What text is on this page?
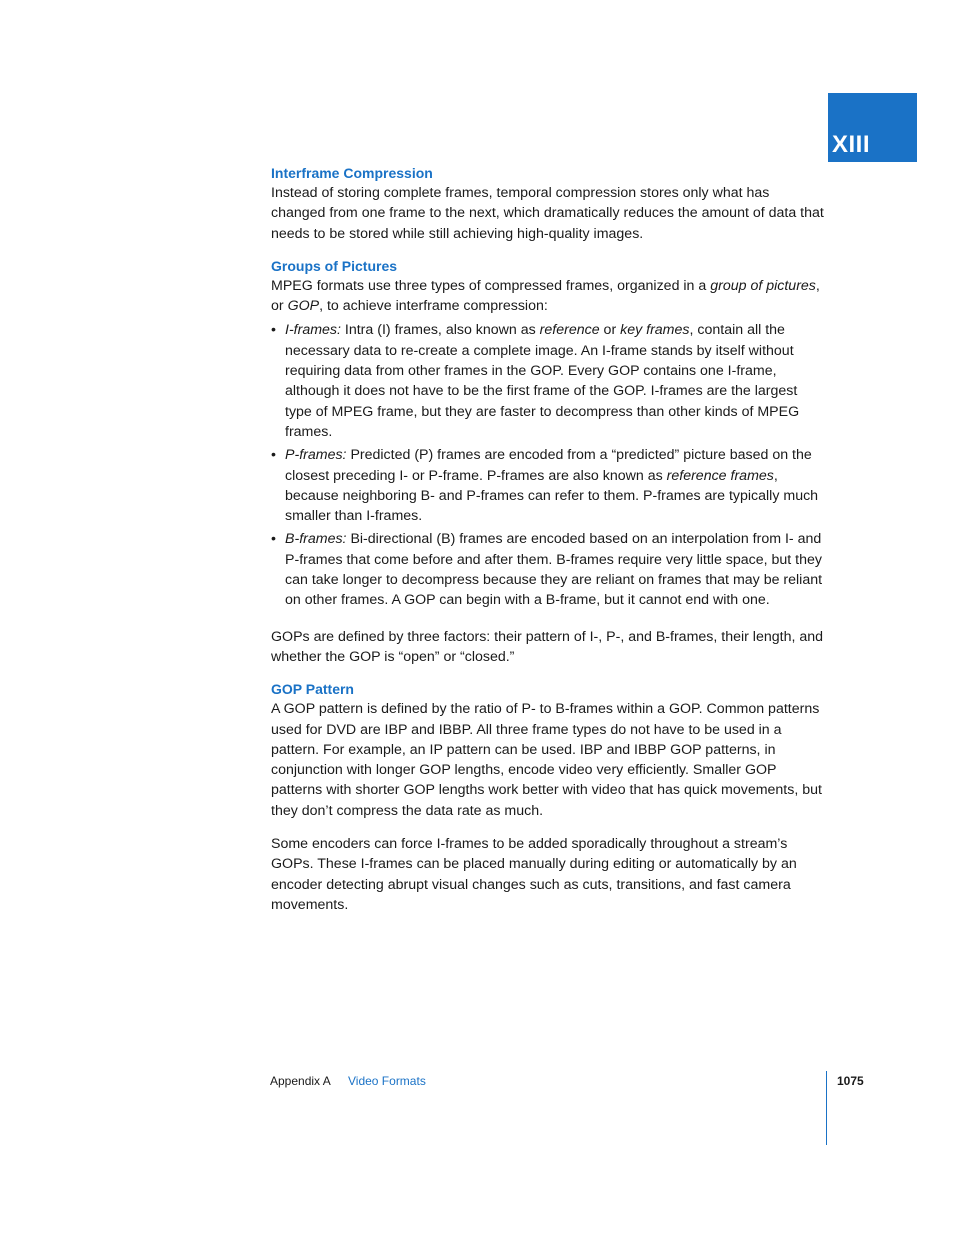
XIII
Interframe Compression

Instead of storing complete frames, temporal compression stores only what has changed from one frame to the next, which dramatically reduces the amount of data that needs to be stored while still achieving high-quality images.

Groups of Pictures

MPEG formats use three types of compressed frames, organized in a group of pictures, or GOP, to achieve interframe compression:

• I-frames: Intra (I) frames, also known as reference or key frames, contain all the necessary data to re-create a complete image. An I-frame stands by itself without requiring data from other frames in the GOP. Every GOP contains one I-frame, although it does not have to be the first frame of the GOP. I-frames are the largest type of MPEG frame, but they are faster to decompress than other kinds of MPEG frames.
• P-frames: Predicted (P) frames are encoded from a “predicted” picture based on the closest preceding I- or P-frame. P-frames are also known as reference frames, because neighboring B- and P-frames can refer to them. P-frames are typically much smaller than I-frames.
• B-frames: Bi-directional (B) frames are encoded based on an interpolation from I- and P-frames that come before and after them. B-frames require very little space, but they can take longer to decompress because they are reliant on frames that may be reliant on other frames. A GOP can begin with a B-frame, but it cannot end with one.

GOPs are defined by three factors: their pattern of I-, P-, and B-frames, their length, and whether the GOP is “open” or “closed.”

GOP Pattern

A GOP pattern is defined by the ratio of P- to B-frames within a GOP. Common patterns used for DVD are IBP and IBBP. All three frame types do not have to be used in a pattern. For example, an IP pattern can be used. IBP and IBBP GOP patterns, in conjunction with longer GOP lengths, encode video very efficiently. Smaller GOP patterns with shorter GOP lengths work better with video that has quick movements, but they don’t compress the data rate as much.

Some encoders can force I-frames to be added sporadically throughout a stream’s GOPs. These I-frames can be placed manually during editing or automatically by an encoder detecting abrupt visual changes such as cuts, transitions, and fast camera movements.

Appendix A Video Formats	1075
